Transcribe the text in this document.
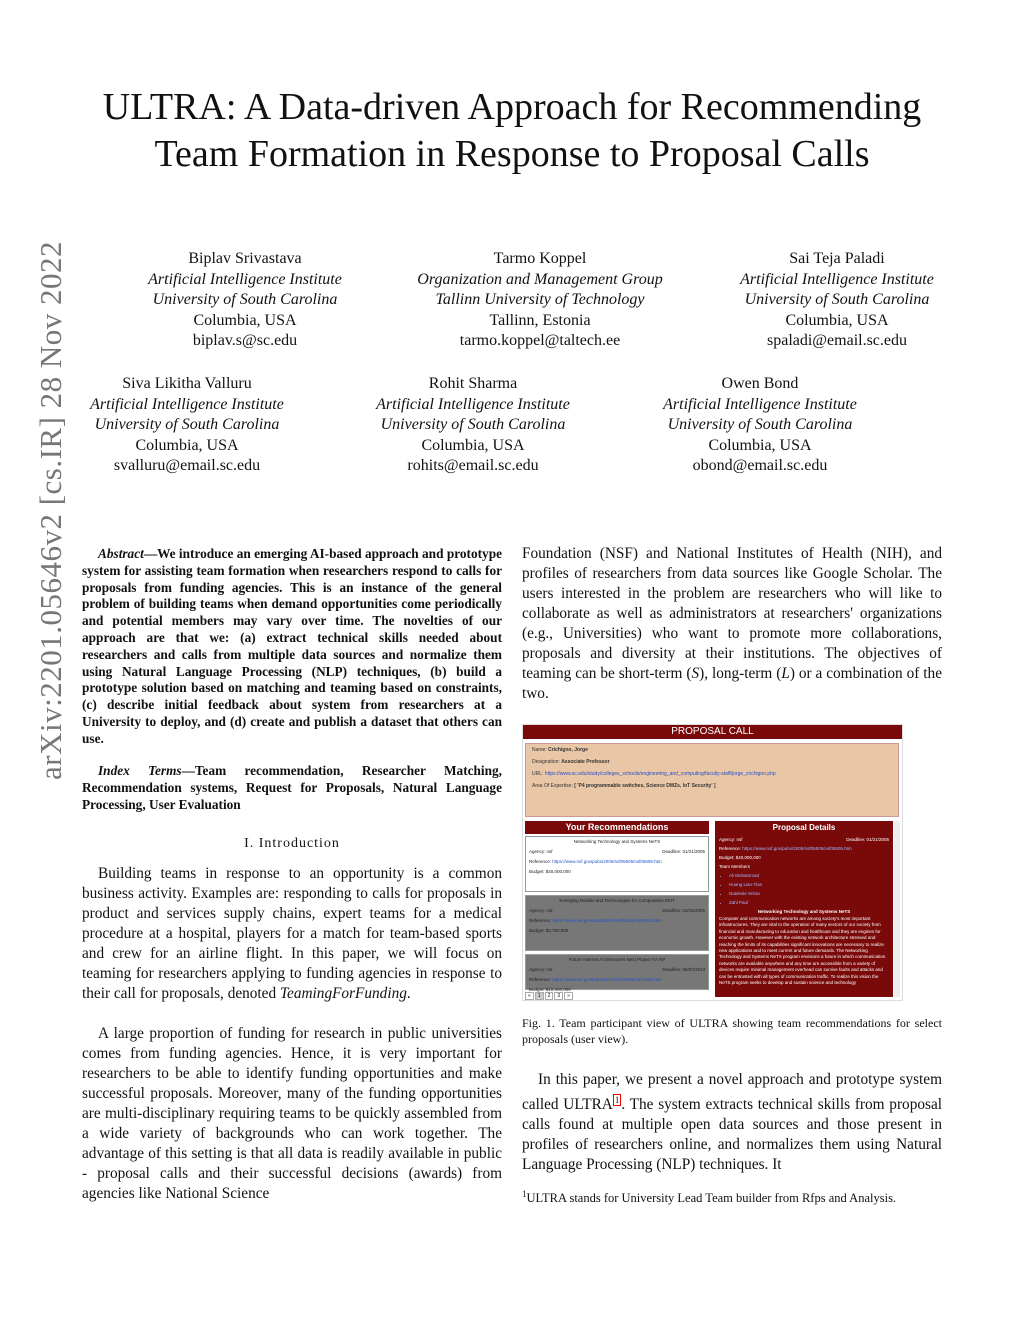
ULTRA: A Data-driven Approach for Recommending Team Formation in Response to Proposal Calls
arXiv:2201.05646v2 [cs.IR] 28 Nov 2022	Biplav Srivastava
Artificial Intelligence Institute
University of South Carolina
Columbia, USA
biplav.s@sc.edu
Tarmo Koppel
Organization and Management Group
Tallinn University of Technology
Tallinn, Estonia
tarmo.koppel@taltech.ee
Sai Teja Paladi
Artificial Intelligence Institute
University of South Carolina
Columbia, USA
spaladi@email.sc.edu
Siva Likitha Valluru
Artificial Intelligence Institute
University of South Carolina
Columbia, USA
svalluru@email.sc.edu
Rohit Sharma
Artificial Intelligence Institute
University of South Carolina
Columbia, USA
rohits@email.sc.edu
Owen Bond
Artificial Intelligence Institute
University of South Carolina
Columbia, USA
obond@email.sc.edu
Abstract—We introduce an emerging AI-based approach and prototype system for assisting team formation when researchers respond to calls for proposals from funding agencies. This is an instance of the general problem of building teams when demand opportunities come periodically and potential members may vary over time. The novelties of our approach are that we: (a) extract technical skills needed about researchers and calls from multiple data sources and normalize them using Natural Language Processing (NLP) techniques, (b) build a prototype solution based on matching and teaming based on constraints, (c) describe initial feedback about system from researchers at a University to deploy, and (d) create and publish a dataset that others can use.
Index Terms—Team recommendation, Researcher Matching, Recommendation systems, Request for Proposals, Natural Language Processing, User Evaluation
I. Introduction
Building teams in response to an opportunity is a common business activity. Examples are: responding to calls for proposals in product and services supply chains, expert teams for a medical procedure at a hospital, players for a match for team-based sports and crew for an airline flight. In this paper, we will focus on teaming for researchers applying to funding agencies in response to their call for proposals, denoted TeamingForFunding.
A large proportion of funding for research in public universities comes from funding agencies. Hence, it is very important for researchers to be able to identify funding opportunities and make successful proposals. Moreover, many of the funding opportunities are multi-disciplinary requiring teams to be quickly assembled from a wide variety of backgrounds who can work together. The advantage of this setting is that all data is readily available in public - proposal calls and their successful decisions (awards) from agencies like National Science
Foundation (NSF) and National Institutes of Health (NIH), and profiles of researchers from data sources like Google Scholar. The users interested in the problem are researchers who will like to collaborate as well as administrators at researchers' organizations (e.g., Universities) who want to promote more collaborations, proposals and diversity at their institutions. The objectives of teaming can be short-term (S), long-term (L) or a combination of the two.
PROPOSAL CALL
Name: Crichigno, Jorge
Designation: Associate Professor
URL: https://www.sc.edu/study/colleges_schools/engineering_and_computing/faculty-staff/jorge_crichigno.php
Area Of Expertise: [ 'P4 programmable switches, Science DMZs, IoT Security' ]
Your Recommendations
Networking Technology and Systems NeTS
Agency: nsf	Deadline: 01/21/2005
Reference: https://www.nsf.gov/pubs/2005/nsf05505/nsf05505.htm
Budget: $40,000,000
Emerging Models and Technologies for Computation EMT
Agency: nsf	Deadline: 03/15/2005
Reference: https://www.nsf.gov/pubs/2005/nsf05524/nsf05524.htm
Budget: $3,750,000
Future Internet Architectures Next Phase FIA NP
Agency: nsf	Deadline: 06/07/2013
Reference: https://www.nsf.gov/pubs/2013/nsf13538/nsf13538.htm
Budget: $10,000,000
«	1	2	3	»
Proposal Details
Agency: nsf	Deadline: 01/21/2005
Reference: https://www.nsf.gov/pubs/2005/nsf05505/nsf05505.htm
Budget: $40,000,000
Team Members
• Ali Mohammad
• Huang Lian-Tian
• Natekule Srirao
• Zahl Paul
Networking Technology and Systems NeTS
Computer and communication networks are among society's most important infrastructures. They are vital to the operation of many sectors of our society from financial and manufacturing to education and healthcare and they are engines for economic growth. However with the existing network architecture stressed and reaching the limits of its capabilities significant innovations are necessary to realize new applications and to meet current and future demands. The Networking Technology and Systems NeTS program envisions a future in which communication networks are available anywhere and any time are accessible from a variety of devices require minimal management overhead can survive faults and attacks and can be entrusted with all types of communication traffic. To realize this vision the NeTS program seeks to develop and sustain science and technology
Fig. 1. Team participant view of ULTRA showing team recommendations for select proposals (user view).
In this paper, we present a novel approach and prototype system called ULTRA $^1$ . The system extracts technical skills from proposal calls found at multiple open data sources and those present in profiles of researchers online, and normalizes them using Natural Language Processing (NLP) techniques. It
$^1$ULTRA stands for University Lead Team builder from Rfps and Analysis.
